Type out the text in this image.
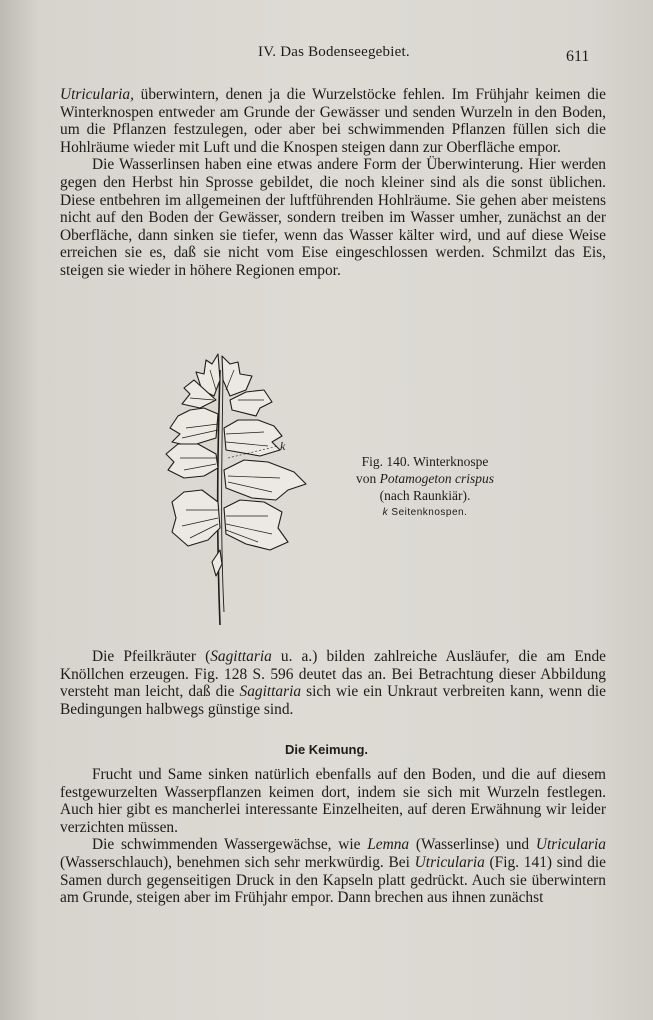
IV. Das Bodenseegebiet.	611

Utricularia, überwintern, denen ja die Wurzelstöcke fehlen. Im Frühjahr keimen die Winterknospen entweder am Grunde der Gewässer und senden Wurzeln in den Boden, um die Pflanzen festzulegen, oder aber bei schwimmenden Pflanzen füllen sich die Hohlräume wieder mit Luft und die Knospen steigen dann zur Oberfläche empor.

Die Wasserlinsen haben eine etwas andere Form der Überwinterung. Hier werden gegen den Herbst hin Sprosse gebildet, die noch kleiner sind als die sonst üblichen. Diese entbehren im allgemeinen der luftführenden Hohlräume. Sie gehen aber meistens nicht auf den Boden der Gewässer, sondern treiben im Wasser umher, zunächst an der Oberfläche, dann sinken sie tiefer, wenn das Wasser kälter wird, und auf diese Weise erreichen sie es, daß sie nicht vom Eise eingeschlossen werden. Schmilzt das Eis, steigen sie wieder in höhere Regionen empor.

k
Fig. 140. Winterknospe
von Potamogeton crispus
(nach Raunkiär).
k Seitenknospen.

Die Pfeilkräuter (Sagittaria u. a.) bilden zahlreiche Ausläufer, die am Ende Knöllchen erzeugen. Fig. 128 S. 596 deutet das an. Bei Betrachtung dieser Abbildung versteht man leicht, daß die Sagittaria sich wie ein Unkraut verbreiten kann, wenn die Bedingungen halbwegs günstige sind.

Die Keimung.

Frucht und Same sinken natürlich ebenfalls auf den Boden, und die auf diesem festgewurzelten Wasserpflanzen keimen dort, indem sie sich mit Wurzeln festlegen. Auch hier gibt es mancherlei interessante Einzelheiten, auf deren Erwähnung wir leider verzichten müssen.

Die schwimmenden Wassergewächse, wie Lemna (Wasserlinse) und Utricularia (Wasserschlauch), benehmen sich sehr merkwürdig. Bei Utricularia (Fig. 141) sind die Samen durch gegenseitigen Druck in den Kapseln platt gedrückt. Auch sie überwintern am Grunde, steigen aber im Frühjahr empor. Dann brechen aus ihnen zunächst
